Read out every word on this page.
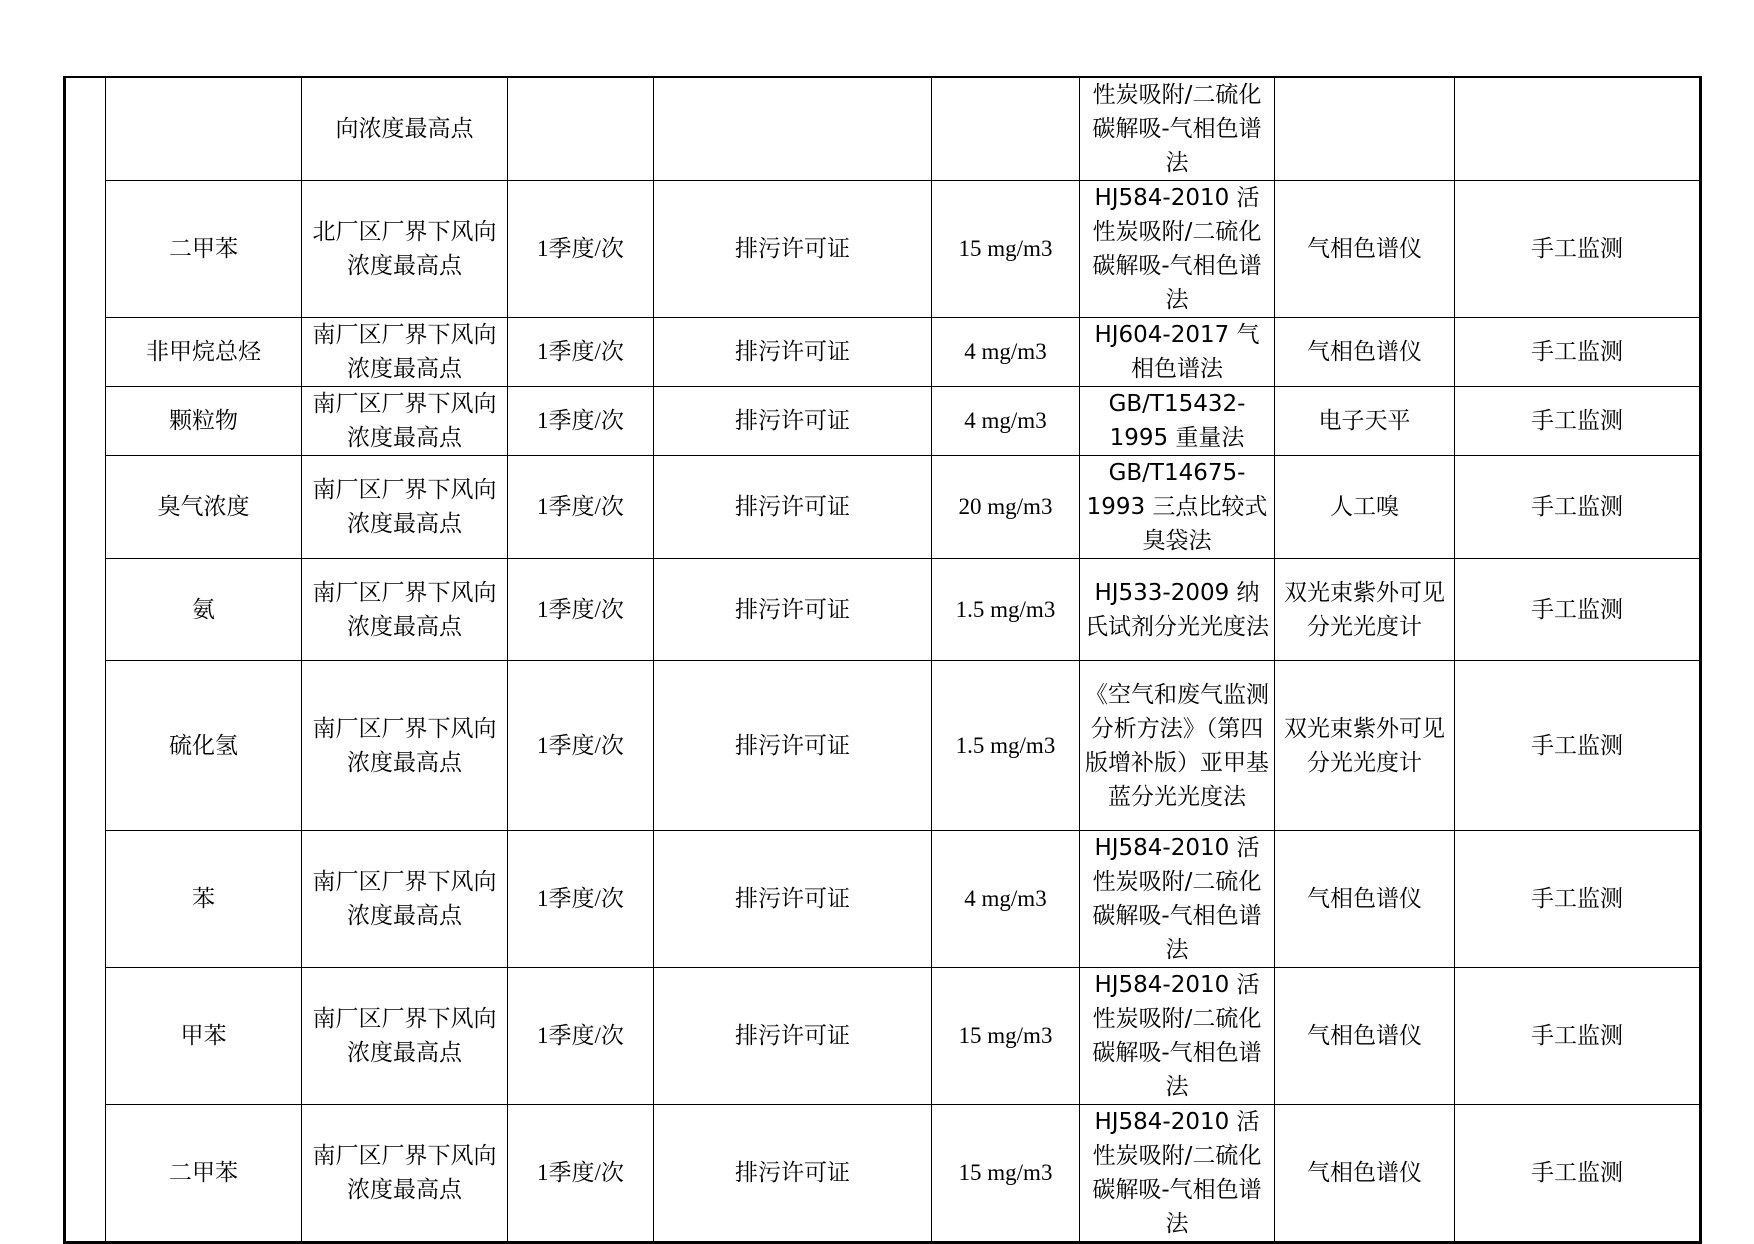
		向浓度最高点				性炭吸附/二硫化碳解吸-气相色谱法		
	二甲苯	北厂区厂界下风向浓度最高点	1季度/次	排污许可证	15 mg/m3	HJ584-2010 活性炭吸附/二硫化碳解吸-气相色谱法	气相色谱仪	手工监测
	非甲烷总烃	南厂区厂界下风向浓度最高点	1季度/次	排污许可证	4 mg/m3	HJ604-2017 气相色谱法	气相色谱仪	手工监测
	颗粒物	南厂区厂界下风向浓度最高点	1季度/次	排污许可证	4 mg/m3	GB/T15432-1995 重量法	电子天平	手工监测
	臭气浓度	南厂区厂界下风向浓度最高点	1季度/次	排污许可证	20 mg/m3	GB/T14675-1993 三点比较式臭袋法	人工嗅	手工监测
	氨	南厂区厂界下风向浓度最高点	1季度/次	排污许可证	1.5 mg/m3	HJ533-2009 纳氏试剂分光光度法	双光束紫外可见分光光度计	手工监测
	硫化氢	南厂区厂界下风向浓度最高点	1季度/次	排污许可证	1.5 mg/m3	《空气和废气监测分析方法》（第四版增补版）亚甲基蓝分光光度法	双光束紫外可见分光光度计	手工监测
	苯	南厂区厂界下风向浓度最高点	1季度/次	排污许可证	4 mg/m3	HJ584-2010 活性炭吸附/二硫化碳解吸-气相色谱法	气相色谱仪	手工监测
	甲苯	南厂区厂界下风向浓度最高点	1季度/次	排污许可证	15 mg/m3	HJ584-2010 活性炭吸附/二硫化碳解吸-气相色谱法	气相色谱仪	手工监测
	二甲苯	南厂区厂界下风向浓度最高点	1季度/次	排污许可证	15 mg/m3	HJ584-2010 活性炭吸附/二硫化碳解吸-气相色谱法	气相色谱仪	手工监测
